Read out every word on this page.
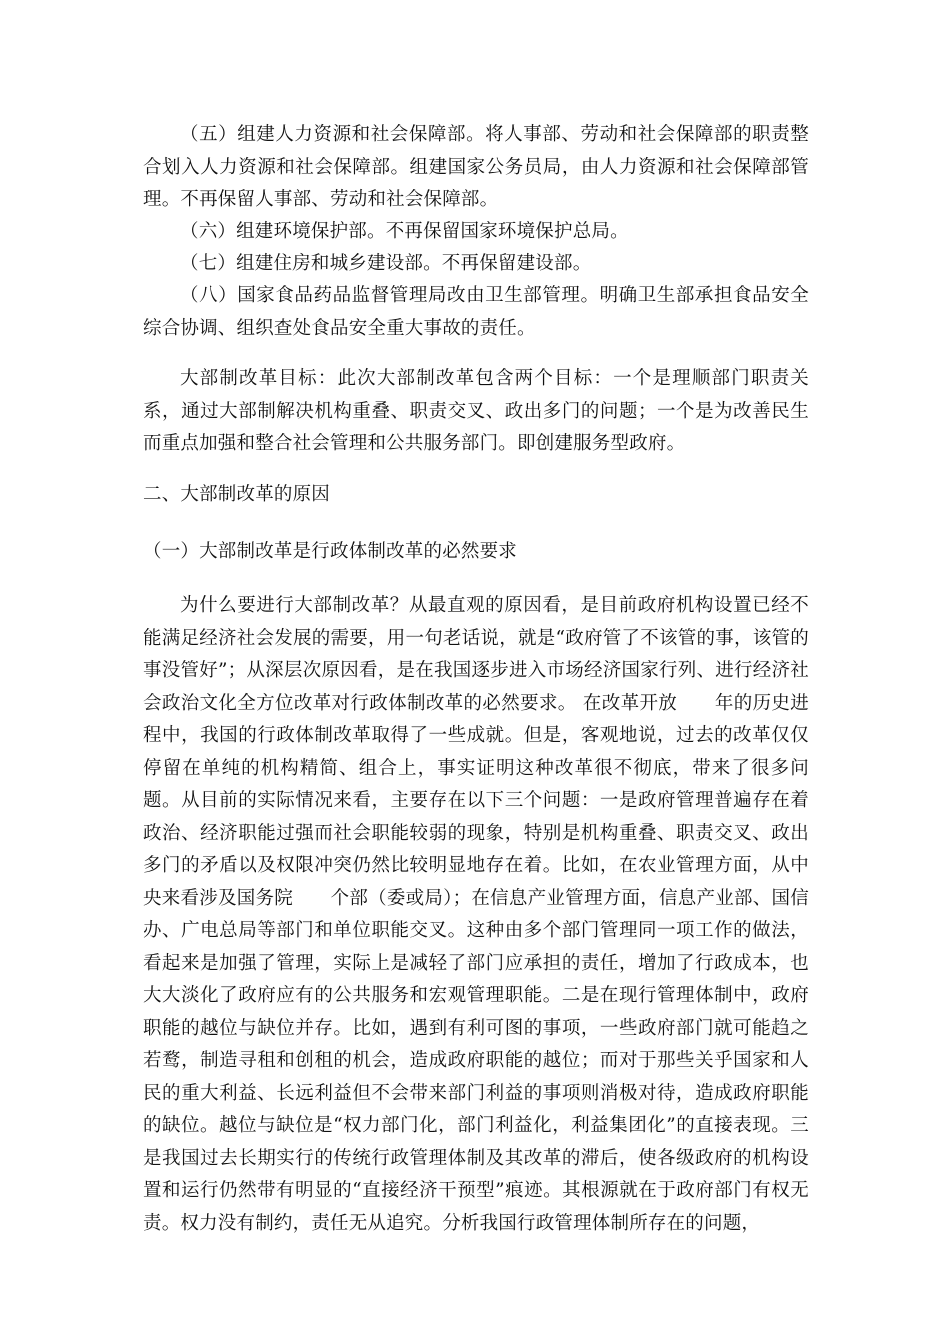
（五）组建人力资源和社会保障部。将人事部、劳动和社会保障部的职责整合划入人力资源和社会保障部。组建国家公务员局，由人力资源和社会保障部管理。不再保留人事部、劳动和社会保障部。
（六）组建环境保护部。不再保留国家环境保护总局。
（七）组建住房和城乡建设部。不再保留建设部。
（八）国家食品药品监督管理局改由卫生部管理。明确卫生部承担食品安全综合协调、组织查处食品安全重大事故的责任。
大部制改革目标：此次大部制改革包含两个目标：一个是理顺部门职责关系，通过大部制解决机构重叠、职责交叉、政出多门的问题；一个是为改善民生而重点加强和整合社会管理和公共服务部门。即创建服务型政府。
二、大部制改革的原因
（一）大部制改革是行政体制改革的必然要求
为什么要进行大部制改革？从最直观的原因看，是目前政府机构设置已经不能满足经济社会发展的需要，用一句老话说，就是“政府管了不该管的事，该管的事没管好”；从深层次原因看，是在我国逐步进入市场经济国家行列、进行经济社会政治文化全方位改革对行政体制改革的必然要求。 在改革开放　　年的历史进程中，我国的行政体制改革取得了一些成就。但是，客观地说，过去的改革仅仅停留在单纯的机构精简、组合上，事实证明这种改革很不彻底，带来了很多问题。从目前的实际情况来看，主要存在以下三个问题：一是政府管理普遍存在着政治、经济职能过强而社会职能较弱的现象，特别是机构重叠、职责交叉、政出多门的矛盾以及权限冲突仍然比较明显地存在着。比如，在农业管理方面，从中央来看涉及国务院　　个部（委或局）；在信息产业管理方面，信息产业部、国信办、广电总局等部门和单位职能交叉。这种由多个部门管理同一项工作的做法，看起来是加强了管理，实际上是减轻了部门应承担的责任，增加了行政成本，也大大淡化了政府应有的公共服务和宏观管理职能。二是在现行管理体制中，政府职能的越位与缺位并存。比如，遇到有利可图的事项，一些政府部门就可能趋之若鹜，制造寻租和创租的机会，造成政府职能的越位；而对于那些关乎国家和人民的重大利益、长远利益但不会带来部门利益的事项则消极对待，造成政府职能的缺位。越位与缺位是“权力部门化，部门利益化，利益集团化”的直接表现。三是我国过去长期实行的传统行政管理体制及其改革的滞后，使各级政府的机构设置和运行仍然带有明显的“直接经济干预型”痕迹。其根源就在于政府部门有权无责。权力没有制约，责任无从追究。分析我国行政管理体制所存在的问题，
